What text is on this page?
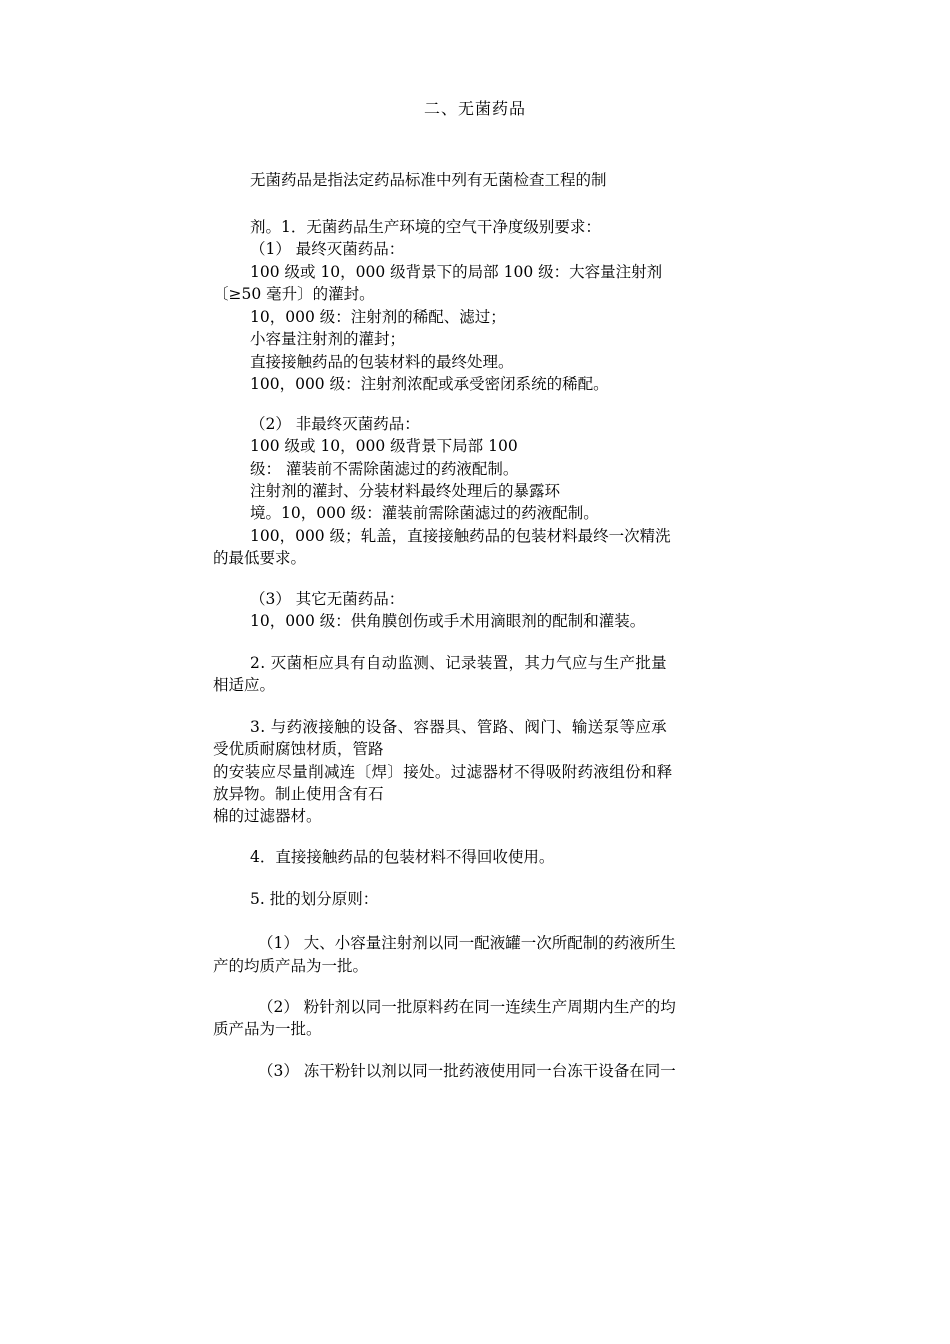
二、无菌药品
无菌药品是指法定药品标准中列有无菌检查工程的制
剂。1．无菌药品生产环境的空气干净度级别要求：
（1） 最终灭菌药品：
100 级或 10，000 级背景下的局部 100 级：大容量注射剂
〔≥50 毫升〕的灌封。
10，000 级：注射剂的稀配、滤过；
小容量注射剂的灌封；
直接接触药品的包装材料的最终处理。
100，000 级：注射剂浓配或承受密闭系统的稀配。
（2） 非最终灭菌药品：
100 级或 10，000 级背景下局部 100
级： 灌装前不需除菌滤过的药液配制。
注射剂的灌封、分装材料最终处理后的暴露环
境。10，000 级：灌装前需除菌滤过的药液配制。
100，000 级；轧盖，直接接触药品的包装材料最终一次精洗
的最低要求。
（3） 其它无菌药品：
10，000 级：供角膜创伤或手术用滴眼剂的配制和灌装。
2. 灭菌柜应具有自动监测、记录装置，其力气应与生产批量
相适应。
3. 与药液接触的设备、容器具、管路、阀门、输送泵等应承
受优质耐腐蚀材质，管路
的安装应尽量削减连〔焊〕接处。过滤器材不得吸附药液组份和释
放异物。制止使用含有石
棉的过滤器材。
4．直接接触药品的包装材料不得回收使用。
5. 批的划分原则：
（1） 大、小容量注射剂以同一配液罐一次所配制的药液所生
产的均质产品为一批。
（2） 粉针剂以同一批原料药在同一连续生产周期内生产的均
质产品为一批。
（3） 冻干粉针以剂以同一批药液使用同一台冻干设备在同一
